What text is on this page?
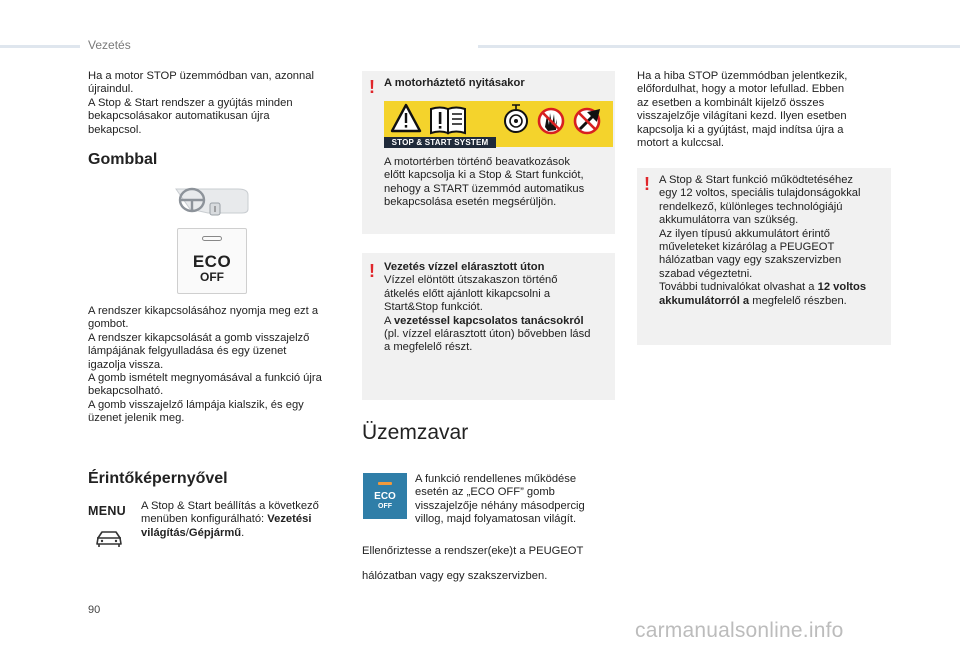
Vezetés

Ha a motor STOP üzemmódban van, azonnal

újraindul.

A Stop & Start rendszer a gyújtás minden

bekapcsolásakor automatikusan újra

bekapcsol.

Gombbal
ECO
OFF

A rendszer kikapcsolásához nyomja meg ezt a

gombot.

A rendszer kikapcsolását a gomb visszajelző

lámpájának felgyulladása és egy üzenet

igazolja vissza.

A gomb ismételt megnyomásával a funkció újra

bekapcsolható.

A gomb visszajelző lámpája kialszik, és egy

üzenet jelenik meg.

Érintőképernyővel
MENU A Stop & Start beállítás a következő

menüben konfigurálható: Vezetési

világítás/Gépjármű.

! A motorháztető nyitásakor
STOP & START SYSTEM

A motortérben történő beavatkozások

előtt kapcsolja ki a Stop & Start funkciót,

nehogy a START üzemmód automatikus

bekapcsolása esetén megsérüljön.

! Vezetés vízzel elárasztott úton

Vízzel elöntött útszakaszon történő

átkelés előtt ajánlott kikapcsolni a

Start&Stop funkciót.

A vezetéssel kapcsolatos tanácsokról

(pl. vízzel elárasztott úton) bővebben lásd

a megfelelő részt.

Üzemzavar
ECO
OFF

A funkció rendellenes működése

esetén az „ECO OFF” gomb

visszajelzője néhány másodpercig

villog, majd folyamatosan világít.

Ellenőriztesse a rendszer(eke)t a PEUGEOT

hálózatban vagy egy szakszervizben.

Ha a hiba STOP üzemmódban jelentkezik,

előfordulhat, hogy a motor lefullad. Ebben

az esetben a kombinált kijelző összes

visszajelzője világítani kezd. Ilyen esetben

kapcsolja ki a gyújtást, majd indítsa újra a

motort a kulccsal.

! A Stop & Start funkció működtetéséhez

egy 12 voltos, speciális tulajdonságokkal

rendelkező, különleges technológiájú

akkumulátorra van szükség.

Az ilyen típusú akkumulátort érintő

műveleteket kizárólag a PEUGEOT

hálózatban vagy egy szakszervizben

szabad végeztetni.

További tudnivalókat olvashat a 12 voltos

akkumulátorról a megfelelő részben.

90
carmanualsonline.info
